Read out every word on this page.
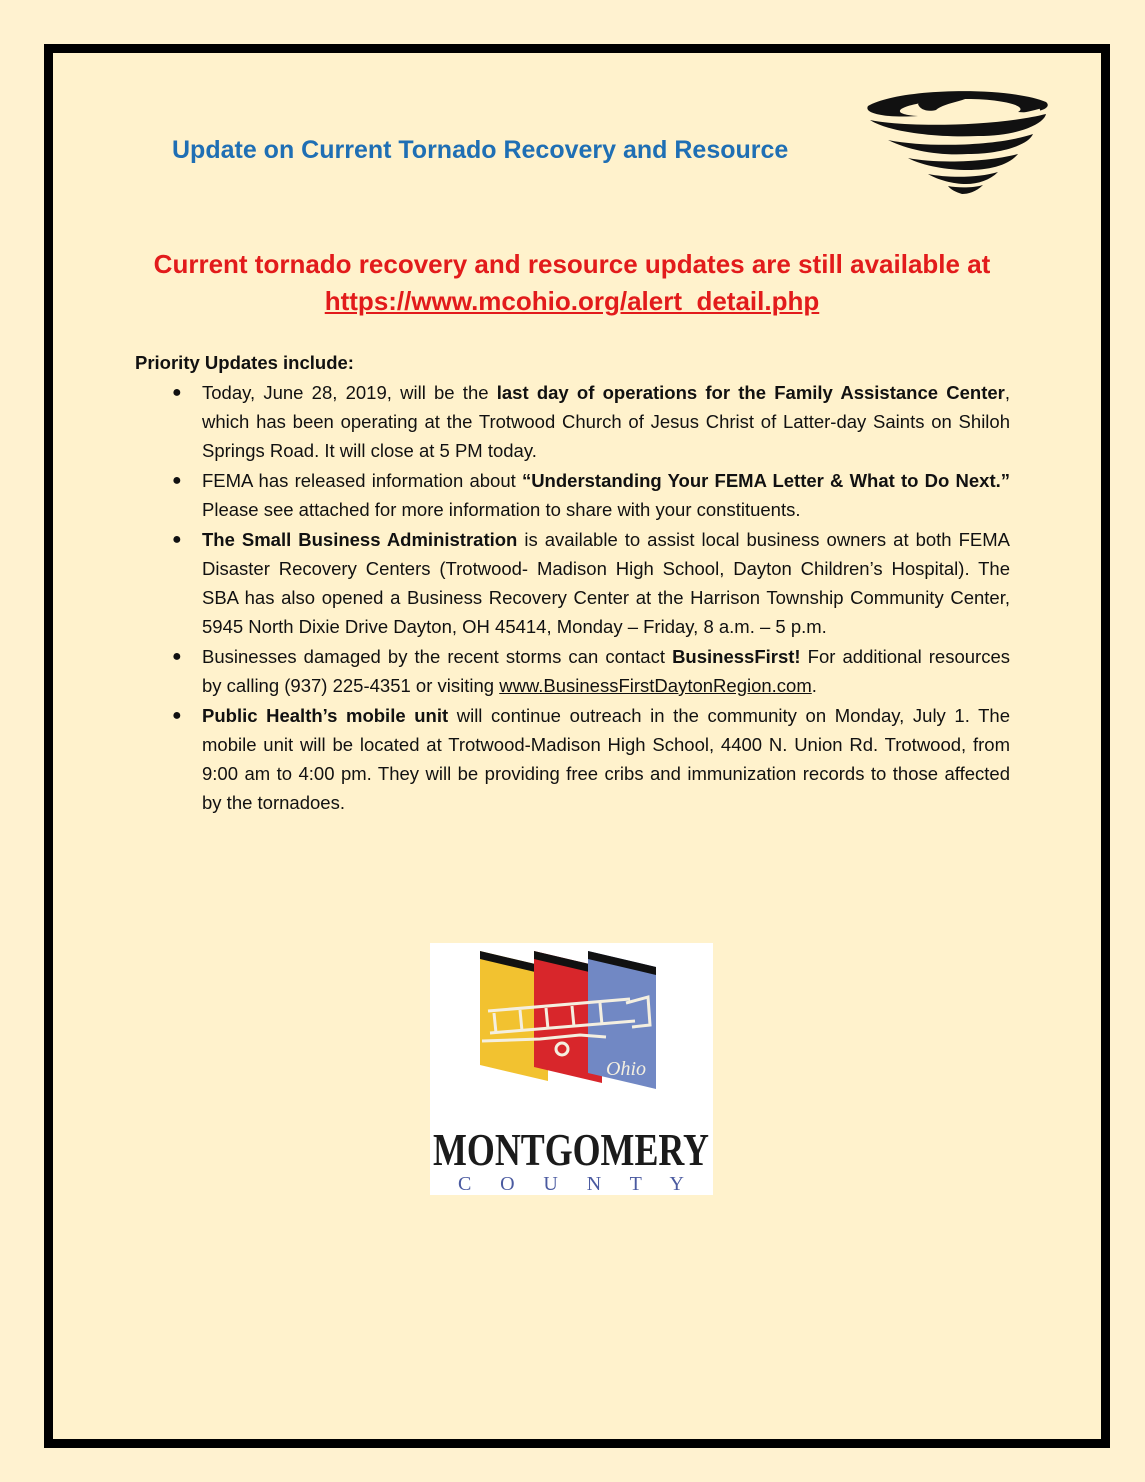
Update on Current Tornado Recovery and Resource
Current tornado recovery and resource updates are still available at
https://www.mcohio.org/alert_detail.php
Priority Updates include:
● Today, June 28, 2019, will be the last day of operations for the Family Assistance Center, which has been operating at the Trotwood Church of Jesus Christ of Latter-day Saints on Shiloh Springs Road. It will close at 5 PM today.
● FEMA has released information about “Understanding Your FEMA Letter & What to Do Next.” Please see attached for more information to share with your constituents.
● The Small Business Administration is available to assist local business owners at both FEMA Disaster Recovery Centers (Trotwood- Madison High School, Dayton Children’s Hospital). The SBA has also opened a Business Recovery Center at the Harrison Township Community Center, 5945 North Dixie Drive Dayton, OH 45414, Monday – Friday, 8 a.m. – 5 p.m.
● Businesses damaged by the recent storms can contact BusinessFirst! For additional resources by calling (937) 225-4351 or visiting www.BusinessFirstDaytonRegion.com.
● Public Health’s mobile unit will continue outreach in the community on Monday, July 1. The mobile unit will be located at Trotwood-Madison High School, 4400 N. Union Rd. Trotwood, from 9:00 am to 4:00 pm. They will be providing free cribs and immunization records to those affected by the tornadoes.
Ohio
MONTGOMERY
C O U N T Y
